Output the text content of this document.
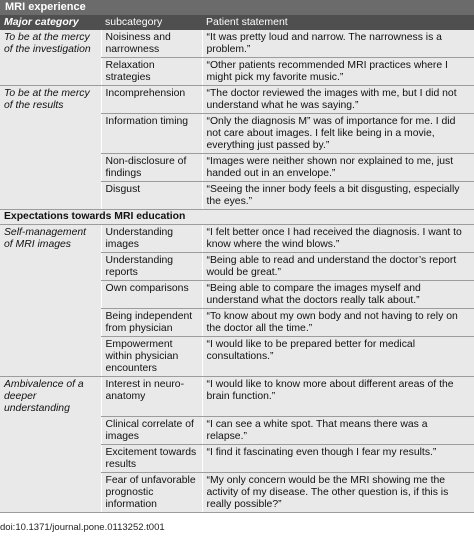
MRI experience
Major category	subcategory	Patient statement
To be at the mercy of the investigation	Noisiness and narrowness	“It was pretty loud and narrow. The narrowness is a problem.”
	Relaxation strategies	“Other patients recommended MRI practices where I might pick my favorite music.”
To be at the mercy of the results	Incomprehension	“The doctor reviewed the images with me, but I did not understand what he was saying.”
	Information timing	“Only the diagnosis M” was of importance for me. I did not care about images. I felt like being in a movie, everything just passed by.”
	Non-disclosure of findings	“Images were neither shown nor explained to me, just handed out in an envelope.”
	Disgust	“Seeing the inner body feels a bit disgusting, especially the eyes.”
Expectations towards MRI education		
Self-management of MRI images	Understanding images	“I felt better once I had received the diagnosis. I want to know where the wind blows.”
	Understanding reports	“Being able to read and understand the doctor’s report would be great.”
	Own comparisons	“Being able to compare the images myself and understand what the doctors really talk about.”
	Being independent from physician	“To know about my own body and not having to rely on the doctor all the time.”
	Empowerment within physician encounters	“I would like to be prepared better for medical consultations.”
Ambivalence of a deeper understanding	Interest in neuro-anatomy	“I would like to know more about different areas of the brain function.”
	Clinical correlate of images	“I can see a white spot. That means there was a relapse.”
	Excitement towards results	“I find it fascinating even though I fear my results.”
	Fear of unfavorable prognostic information	“My only concern would be the MRI showing me the activity of my disease. The other question is, if this is really possible?”
doi:10.1371/journal.pone.0113252.t001
